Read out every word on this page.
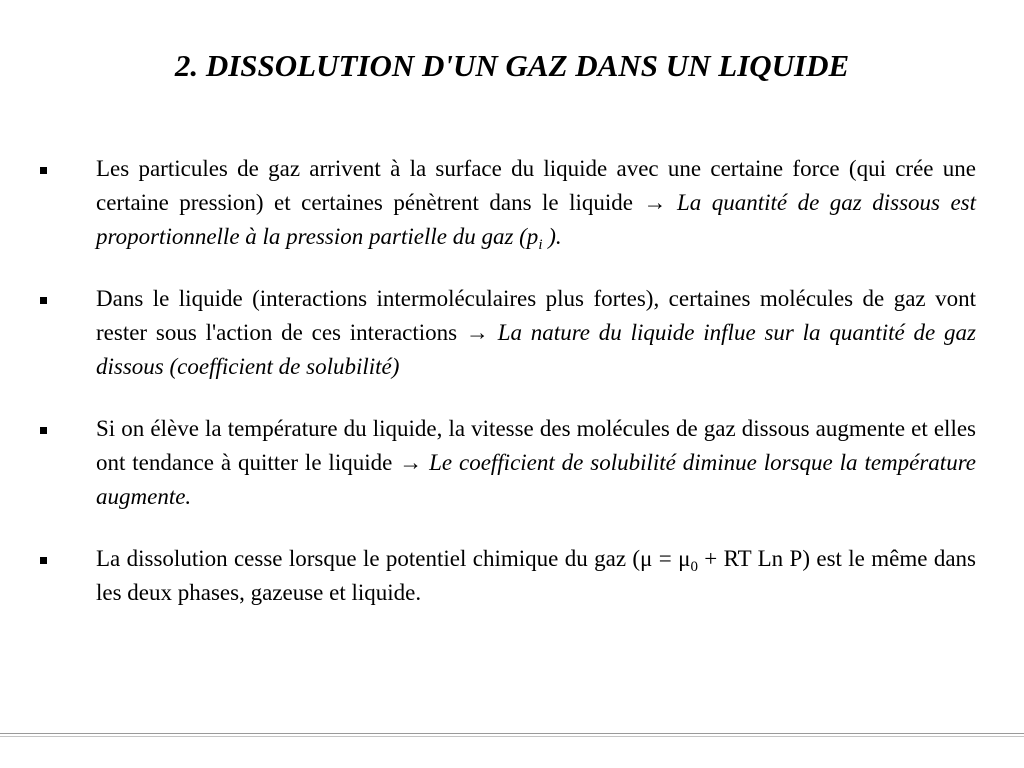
2. DISSOLUTION D'UN GAZ DANS UN LIQUIDE
Les particules de gaz arrivent à la surface du liquide avec une certaine force (qui crée une certaine pression) et certaines pénètrent dans le liquide → La quantité de gaz dissous est proportionnelle à la pression partielle du gaz ($p_i$ ).
Dans le liquide (interactions intermoléculaires plus fortes), certaines molécules de gaz vont rester sous l'action de ces interactions → La nature du liquide influe sur la quantité de gaz dissous (coefficient de solubilité)
Si on élève la température du liquide, la vitesse des molécules de gaz dissous augmente et elles ont tendance à quitter le liquide → Le coefficient de solubilité diminue lorsque la température augmente.
La dissolution cesse lorsque le potentiel chimique du gaz ($\mu = \mu_0$ + RT Ln P) est le même dans les deux phases, gazeuse et liquide.
